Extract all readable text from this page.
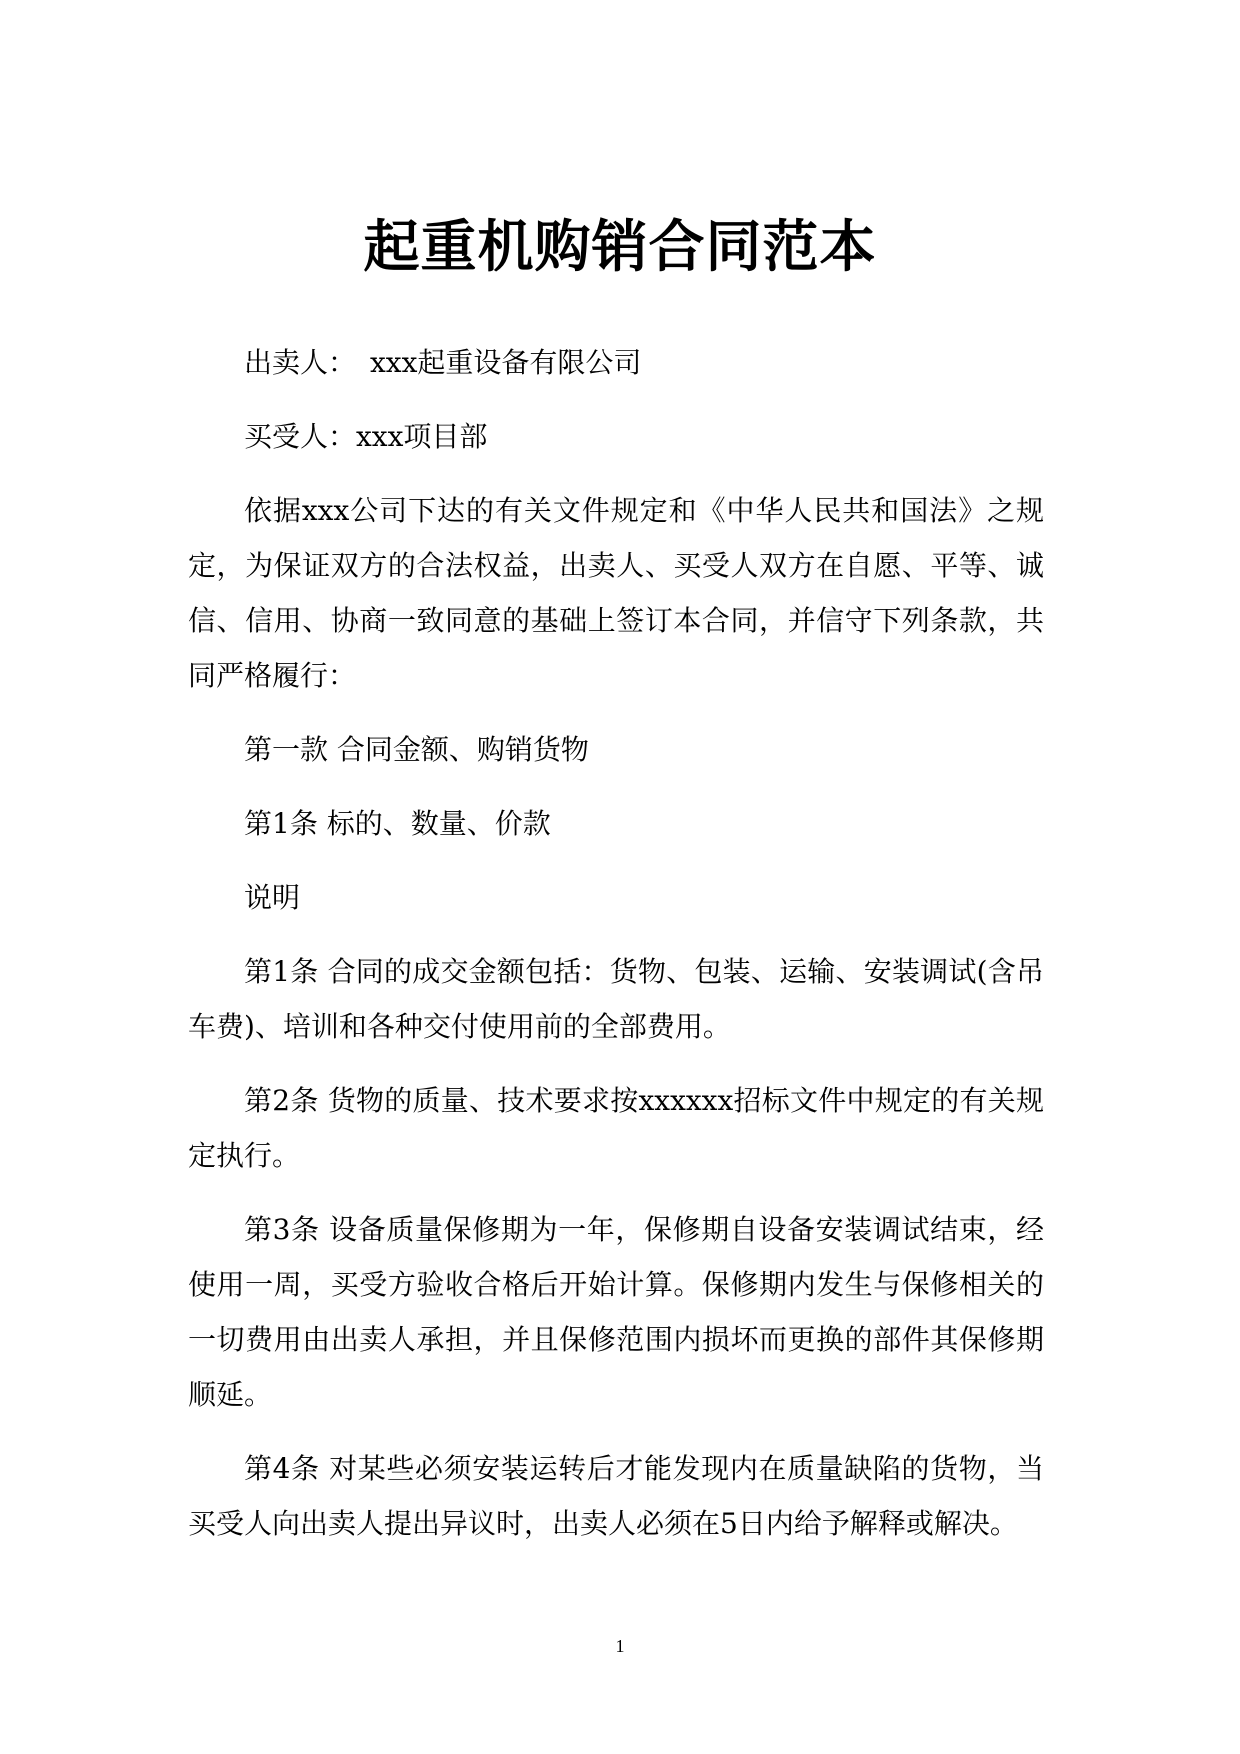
起重机购销合同范本

出卖人：　xxx起重设备有限公司

买受人：xxx项目部

依据xxx公司下达的有关文件规定和《中华人民共和国法》之规定，为保证双方的合法权益，出卖人、买受人双方在自愿、平等、诚信、信用、协商一致同意的基础上签订本合同，并信守下列条款，共同严格履行：

第一款 合同金额、购销货物

第1条 标的、数量、价款

说明

第1条 合同的成交金额包括：货物、包装、运输、安装调试(含吊车费)、培训和各种交付使用前的全部费用。

第2条 货物的质量、技术要求按xxxxxx招标文件中规定的有关规定执行。

第3条 设备质量保修期为一年，保修期自设备安装调试结束，经使用一周，买受方验收合格后开始计算。保修期内发生与保修相关的一切费用由出卖人承担，并且保修范围内损坏而更换的部件其保修期顺延。

第4条 对某些必须安装运转后才能发现内在质量缺陷的货物，当买受人向出卖人提出异议时，出卖人必须在5日内给予解释或解决。

1
